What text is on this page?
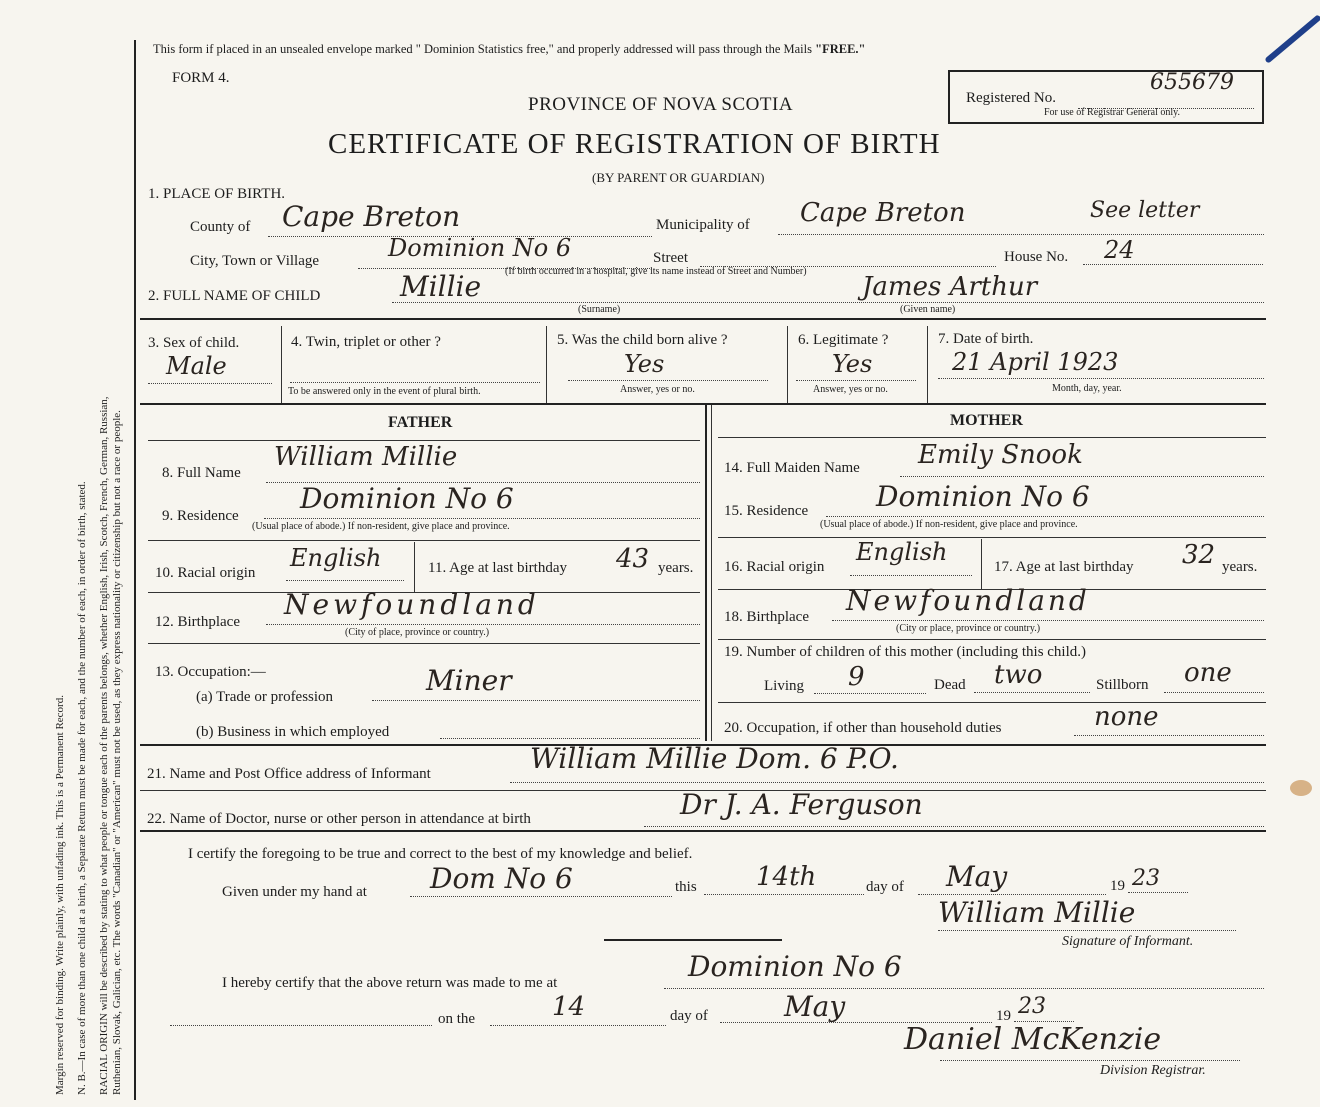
Margin reserved for binding. Write plainly, with unfading ink. This is a Permanent Record. N. B.—In case of more than one child at a birth, a Separate Return must be made for each, and the number of each, in order of birth, stated. RACIAL ORIGIN will be described by stating to what people or tongue each of the parents belongs, whether English, Irish, Scotch, French, German, Russian, Ruthenian, Slovak, Galician, etc. The words "Canadian" or "American" must not be used, as they express nationality or citizenship but not a race or people.
This form if placed in an unsealed envelope marked " Dominion Statistics free," and properly addressed will pass through the Mails "FREE."
FORM 4.
PROVINCE OF NOVA SCOTIA
CERTIFICATE OF REGISTRATION OF BIRTH
(BY PARENT OR GUARDIAN)
Registered No.
655679
For use of Registrar General only.
1. PLACE OF BIRTH.
County of Cape Breton	Municipality of Cape Breton	See letter
City, Town or Village	Dominion No 6	Street	House No. 24
(If birth occurred in a hospital, give its name instead of Street and Number)
2. FULL NAME OF CHILD	Millie
(Surname)
James Arthur
(Given name)
3. Sex of child.
Male
4. Twin, triplet or other ?
To be answered only in the event of plural birth.
5. Was the child born alive ?
Yes
Answer, yes or no.
6. Legitimate ?
Yes
Answer, yes or no.
7. Date of birth.
21 April 1923
Month, day, year.
FATHER
8. Full Name
William Millie
9. Residence
Dominion No 6
(Usual place of abode.) If non-resident, give place and province.
10. Racial origin
English	11. Age at last birthday 43 years.
12. Birthplace
Newfoundland
(City of place, province or country.)
13. Occupation:—
(a) Trade or profession	Miner
(b) Business in which employed
MOTHER
14. Full Maiden Name Emily Snook
15. Residence Dominion No 6
(Usual place of abode.) If non-resident, give place and province.
16. Racial origin
English
17. Age at last birthday 32 years.
18. Birthplace Newfoundland
(City or place, province or country.)
19. Number of children of this mother (including this child.)
Living 9	Dead two	Stillborn one
20. Occupation, if other than household duties	none
21. Name and Post Office address of Informant	William Millie Dom. 6 P.O.
22. Name of Doctor, nurse or other person in attendance at birth	Dr J. A. Ferguson
I certify the foregoing to be true and correct to the best of my knowledge and belief.
Given under my hand at Dom No 6	this 14th	day of May	19 23
William Millie
Signature of Informant.
I hereby certify that the above return was made to me at	Dominion No 6
on the	14	day of	May	19 23
Daniel McKenzie
Division Registrar.
